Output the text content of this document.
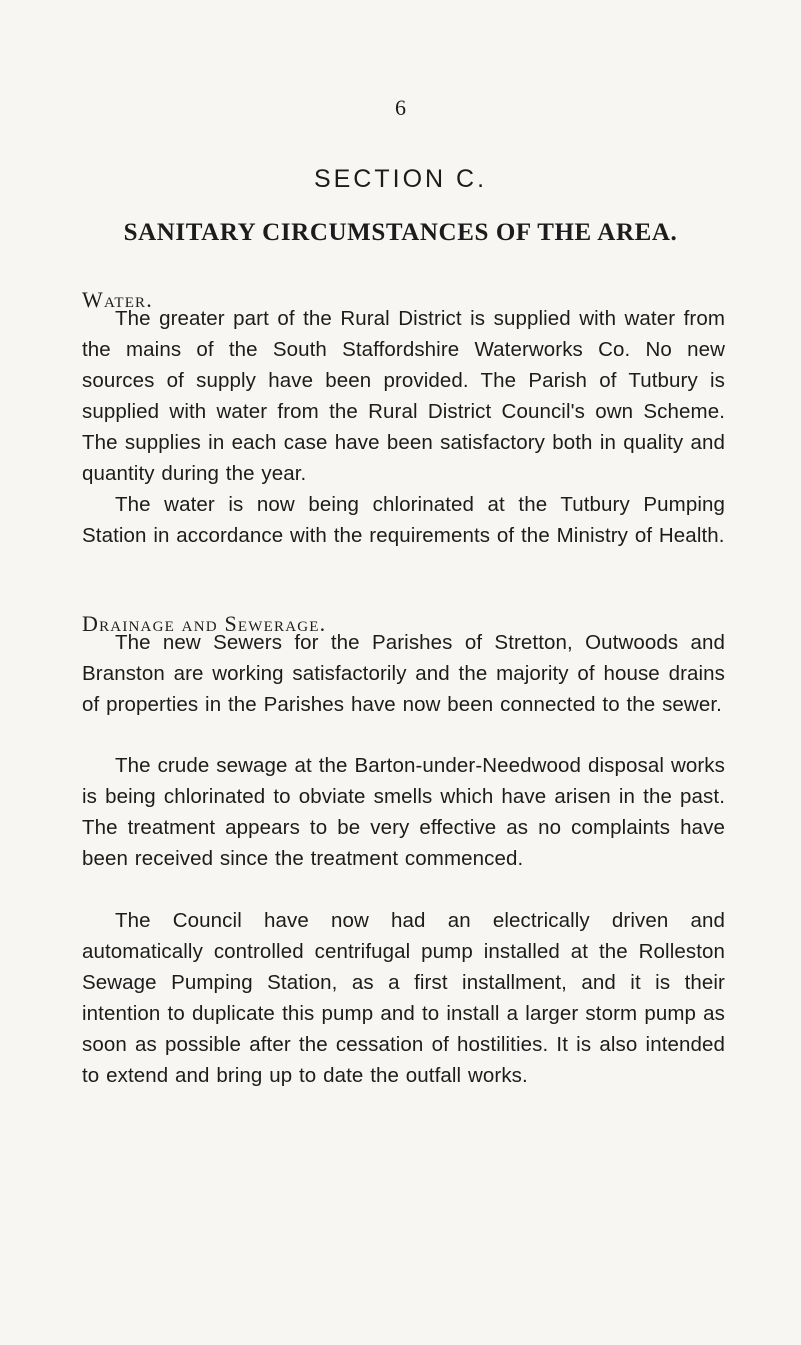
6
SECTION C.
SANITARY CIRCUMSTANCES OF THE AREA.
Water.

The greater part of the Rural District is supplied with water from the mains of the South Staffordshire Waterworks Co. No new sources of supply have been provided. The Parish of Tutbury is supplied with water from the Rural District Council's own Scheme. The supplies in each case have been satisfactory both in quality and quantity during the year.

The water is now being chlorinated at the Tutbury Pumping Station in accordance with the requirements of the Ministry of Health.

Drainage and Sewerage.

The new Sewers for the Parishes of Stretton, Outwoods and Branston are working satisfactorily and the majority of house drains of properties in the Parishes have now been connected to the sewer.

The crude sewage at the Barton-under-Needwood disposal works is being chlorinated to obviate smells which have arisen in the past. The treatment appears to be very effective as no complaints have been received since the treatment commenced.

The Council have now had an electrically driven and automatically controlled centrifugal pump installed at the Rolleston Sewage Pumping Station, as a first installment, and it is their intention to duplicate this pump and to install a larger storm pump as soon as possible after the cessation of hostilities. It is also intended to extend and bring up to date the outfall works.
